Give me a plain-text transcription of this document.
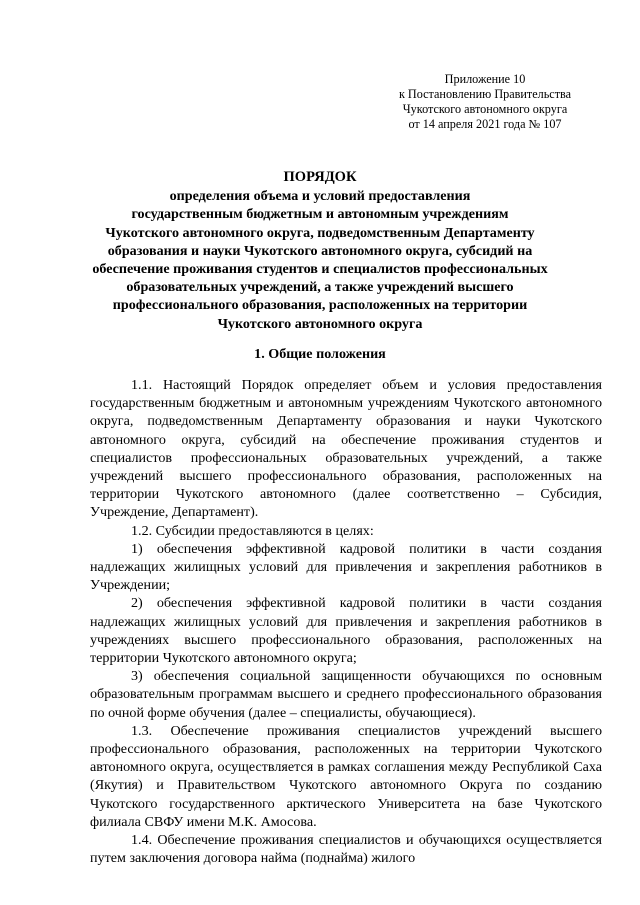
Приложение 10
к Постановлению Правительства
Чукотского автономного округа
от 14 апреля 2021 года № 107
ПОРЯДОК
определения объема и условий предоставления
государственным бюджетным и автономным учреждениям
Чукотского автономного округа, подведомственным Департаменту
образования и науки Чукотского автономного округа, субсидий на
обеспечение проживания студентов и специалистов профессиональных
образовательных учреждений, а также учреждений высшего
профессионального образования, расположенных на территории
Чукотского автономного округа
1. Общие положения

1.1. Настоящий Порядок определяет объем и условия предоставления государственным бюджетным и автономным учреждениям Чукотского автономного округа, подведомственным Департаменту образования и науки Чукотского автономного округа, субсидий на обеспечение проживания студентов и специалистов профессиональных образовательных учреждений, а также учреждений высшего профессионального образования, расположенных на территории Чукотского автономного (далее соответственно – Субсидия, Учреждение, Департамент).

1.2. Субсидии предоставляются в целях:

1) обеспечения эффективной кадровой политики в части создания надлежащих жилищных условий для привлечения и закрепления работников в Учреждении;

2) обеспечения эффективной кадровой политики в части создания надлежащих жилищных условий для привлечения и закрепления работников в учреждениях высшего профессионального образования, расположенных на территории Чукотского автономного округа;

3) обеспечения социальной защищенности обучающихся по основным образовательным программам высшего и среднего профессионального образования по очной форме обучения (далее – специалисты, обучающиеся).

1.3. Обеспечение проживания специалистов учреждений высшего профессионального образования, расположенных на территории Чукотского автономного округа, осуществляется в рамках соглашения между Республикой Саха (Якутия) и Правительством Чукотского автономного Округа по созданию Чукотского государственного арктического Университета на базе Чукотского филиала СВФУ имени М.К. Амосова.

1.4. Обеспечение проживания специалистов и обучающихся осуществляется путем заключения договора найма (поднайма) жилого
